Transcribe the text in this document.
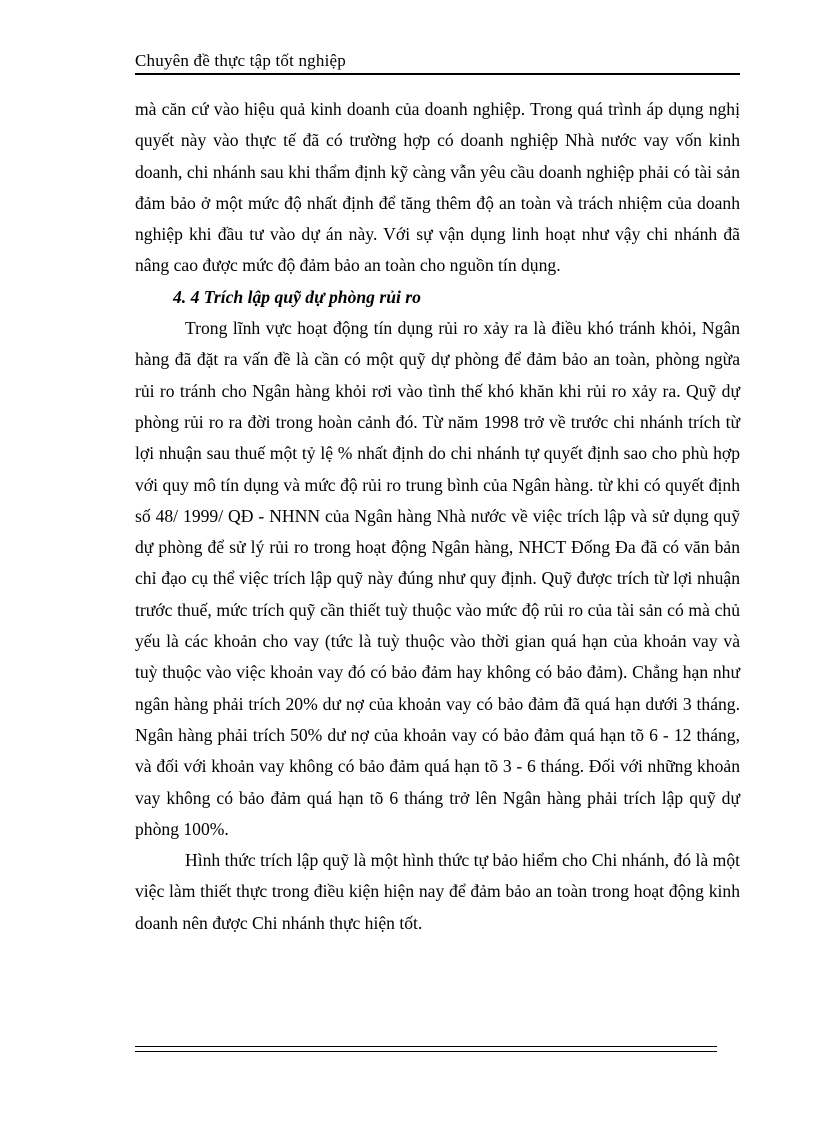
Chuyên đề thực tập tốt nghiệp

mà căn cứ vào hiệu quả kinh doanh của doanh nghiệp. Trong quá trình áp dụng nghị quyết này vào thực tế đã có trường hợp có doanh nghiệp Nhà nước vay vốn kinh doanh, chi nhánh sau khi thẩm định kỹ càng vẫn yêu cầu doanh nghiệp phải có tài sản đảm bảo ở một mức độ nhất định để tăng thêm độ an toàn và trách nhiệm của doanh nghiệp khi đầu tư vào dự án này. Với sự vận dụng linh hoạt như vậy chi nhánh đã nâng cao được mức độ đảm bảo an toàn cho nguồn tín dụng.

4. 4 Trích lập quỹ dự phòng rủi ro

Trong lĩnh vực hoạt động tín dụng rủi ro xảy ra là điều khó tránh khỏi, Ngân hàng đã đặt ra vấn đề là cần có một quỹ dự phòng để đảm bảo an toàn, phòng ngừa rủi ro tránh cho Ngân hàng khỏi rơi vào tình thế khó khăn khi rủi ro xảy ra. Quỹ dự phòng rủi ro ra đời trong hoàn cảnh đó. Từ năm 1998 trở về trước chi nhánh trích từ lợi nhuận sau thuế một tỷ lệ % nhất định do chi nhánh tự quyết định sao cho phù hợp với quy mô tín dụng và mức độ rủi ro trung bình của Ngân hàng. từ khi có quyết định số 48/ 1999/ QĐ - NHNN của Ngân hàng Nhà nước về việc trích lập và sử dụng quỹ dự phòng để sử lý rủi ro trong hoạt động Ngân hàng, NHCT Đống Đa đã có văn bản chỉ đạo cụ thể việc trích lập quỹ này đúng như quy định. Quỹ được trích từ lợi nhuận trước thuế, mức trích quỹ cần thiết tuỳ thuộc vào mức độ rủi ro của tài sản có mà chủ yếu là các khoản cho vay (tức là tuỳ thuộc vào thời gian quá hạn của khoản vay và tuỳ thuộc vào việc khoản vay đó có bảo đảm hay không có bảo đảm). Chẳng hạn như ngân hàng phải trích 20% dư nợ của khoản vay có bảo đảm đã quá hạn dưới 3 tháng. Ngân hàng phải trích 50% dư nợ của khoản vay có bảo đảm quá hạn tõ 6 - 12 tháng, và đối với khoản vay không có bảo đảm quá hạn tõ 3 - 6 tháng. Đối với những khoản vay không có bảo đảm quá hạn tõ 6 tháng trở lên Ngân hàng phải trích lập quỹ dự phòng 100%.

Hình thức trích lập quỹ là một hình thức tự bảo hiểm cho Chi nhánh, đó là một việc làm thiết thực trong điều kiện hiện nay để đảm bảo an toàn trong hoạt động kinh doanh nên được Chi nhánh thực hiện tốt.
